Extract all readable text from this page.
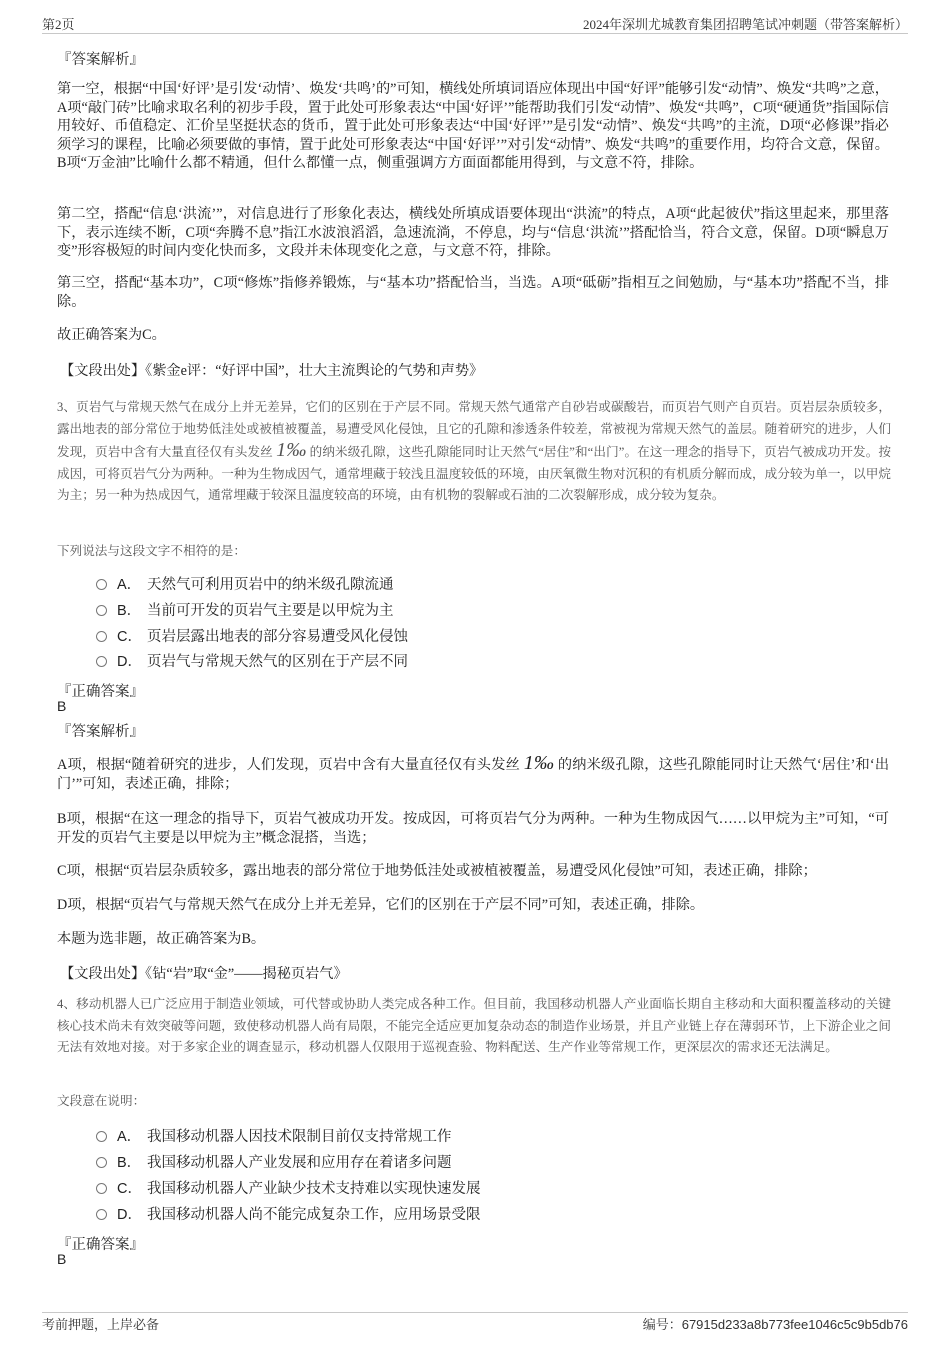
第2页	2024年深圳尤城教育集团招聘笔试冲刺题（带答案解析）
『答案解析』
第一空，根据“中国‘好评’是引发‘动情’、焕发‘共鸣’的”可知，横线处所填词语应体现出中国“好评”能够引发“动情”、焕发“共鸣”之意，A项“敲门砖”比喻求取名利的初步手段，置于此处可形象表达“中国‘好评’”能帮助我们引发“动情”、焕发“共鸣”，C项“硬通货”指国际信用较好、币值稳定、汇价呈坚挺状态的货币，置于此处可形象表达“中国‘好评’”是引发“动情”、焕发“共鸣”的主流，D项“必修课”指必须学习的课程，比喻必须要做的事情，置于此处可形象表达“中国‘好评’”对引发“动情”、焕发“共鸣”的重要作用，均符合文意，保留。B项“万金油”比喻什么都不精通，但什么都懂一点，侧重强调方方面面都能用得到，与文意不符，排除。
第二空，搭配“信息‘洪流’”，对信息进行了形象化表达，横线处所填成语要体现出“洪流”的特点，A项“此起彼伏”指这里起来，那里落下，表示连续不断，C项“奔腾不息”指江水波浪滔滔，急速流淌，不停息，均与“信息‘洪流’”搭配恰当，符合文意，保留。D项“瞬息万变”形容极短的时间内变化快而多，文段并未体现变化之意，与文意不符，排除。
第三空，搭配“基本功”，C项“修炼”指修养锻炼，与“基本功”搭配恰当，当选。A项“砥砺”指相互之间勉励，与“基本功”搭配不当，排除。
故正确答案为C。
【文段出处】《紫金e评：“好评中国”，壮大主流舆论的气势和声势》
3、页岩气与常规天然气在成分上并无差异，它们的区别在于产层不同。常规天然气通常产自砂岩或碳酸岩，而页岩气则产自页岩。页岩层杂质较多，露出地表的部分常位于地势低洼处或被植被覆盖，易遭受风化侵蚀，且它的孔隙和渗透条件较差，常被视为常规天然气的盖层。随着研究的进步，人们发现，页岩中含有大量直径仅有头发丝 1‰ 的纳米级孔隙，这些孔隙能同时让天然气“居住”和“出门”。在这一理念的指导下，页岩气被成功开发。按成因，可将页岩气分为两种。一种为生物成因气，通常埋藏于较浅且温度较低的环境，由厌氧微生物对沉积的有机质分解而成，成分较为单一，以甲烷为主；另一种为热成因气，通常埋藏于较深且温度较高的环境，由有机物的裂解或石油的二次裂解形成，成分较为复杂。
下列说法与这段文字不相符的是：
A． 天然气可利用页岩中的纳米级孔隙流通
B． 当前可开发的页岩气主要是以甲烷为主
C． 页岩层露出地表的部分容易遭受风化侵蚀
D． 页岩气与常规天然气的区别在于产层不同
『正确答案』
B
『答案解析』
A项，根据“随着研究的进步，人们发现，页岩中含有大量直径仅有头发丝 1‰ 的纳米级孔隙，这些孔隙能同时让天然气‘居住’和‘出门’”可知，表述正确，排除；
B项，根据“在这一理念的指导下，页岩气被成功开发。按成因，可将页岩气分为两种。一种为生物成因气……以甲烷为主”可知，“可开发的页岩气主要是以甲烷为主”概念混搭，当选；
C项，根据“页岩层杂质较多，露出地表的部分常位于地势低洼处或被植被覆盖，易遭受风化侵蚀”可知，表述正确，排除；
D项，根据“页岩气与常规天然气在成分上并无差异，它们的区别在于产层不同”可知，表述正确，排除。
本题为选非题，故正确答案为B。
【文段出处】《钻“岩”取“金”——揭秘页岩气》
4、移动机器人已广泛应用于制造业领域，可代替或协助人类完成各种工作。但目前，我国移动机器人产业面临长期自主移动和大面积覆盖移动的关键核心技术尚未有效突破等问题，致使移动机器人尚有局限，不能完全适应更加复杂动态的制造作业场景，并且产业链上存在薄弱环节，上下游企业之间无法有效地对接。对于多家企业的调查显示，移动机器人仅限用于巡视查验、物料配送、生产作业等常规工作，更深层次的需求还无法满足。
文段意在说明：
A． 我国移动机器人因技术限制目前仅支持常规工作
B． 我国移动机器人产业发展和应用存在着诸多问题
C． 我国移动机器人产业缺少技术支持难以实现快速发展
D． 我国移动机器人尚不能完成复杂工作，应用场景受限
『正确答案』
B
考前押题，上岸必备	编号：67915d233a8b773fee1046c5c9b5db76
